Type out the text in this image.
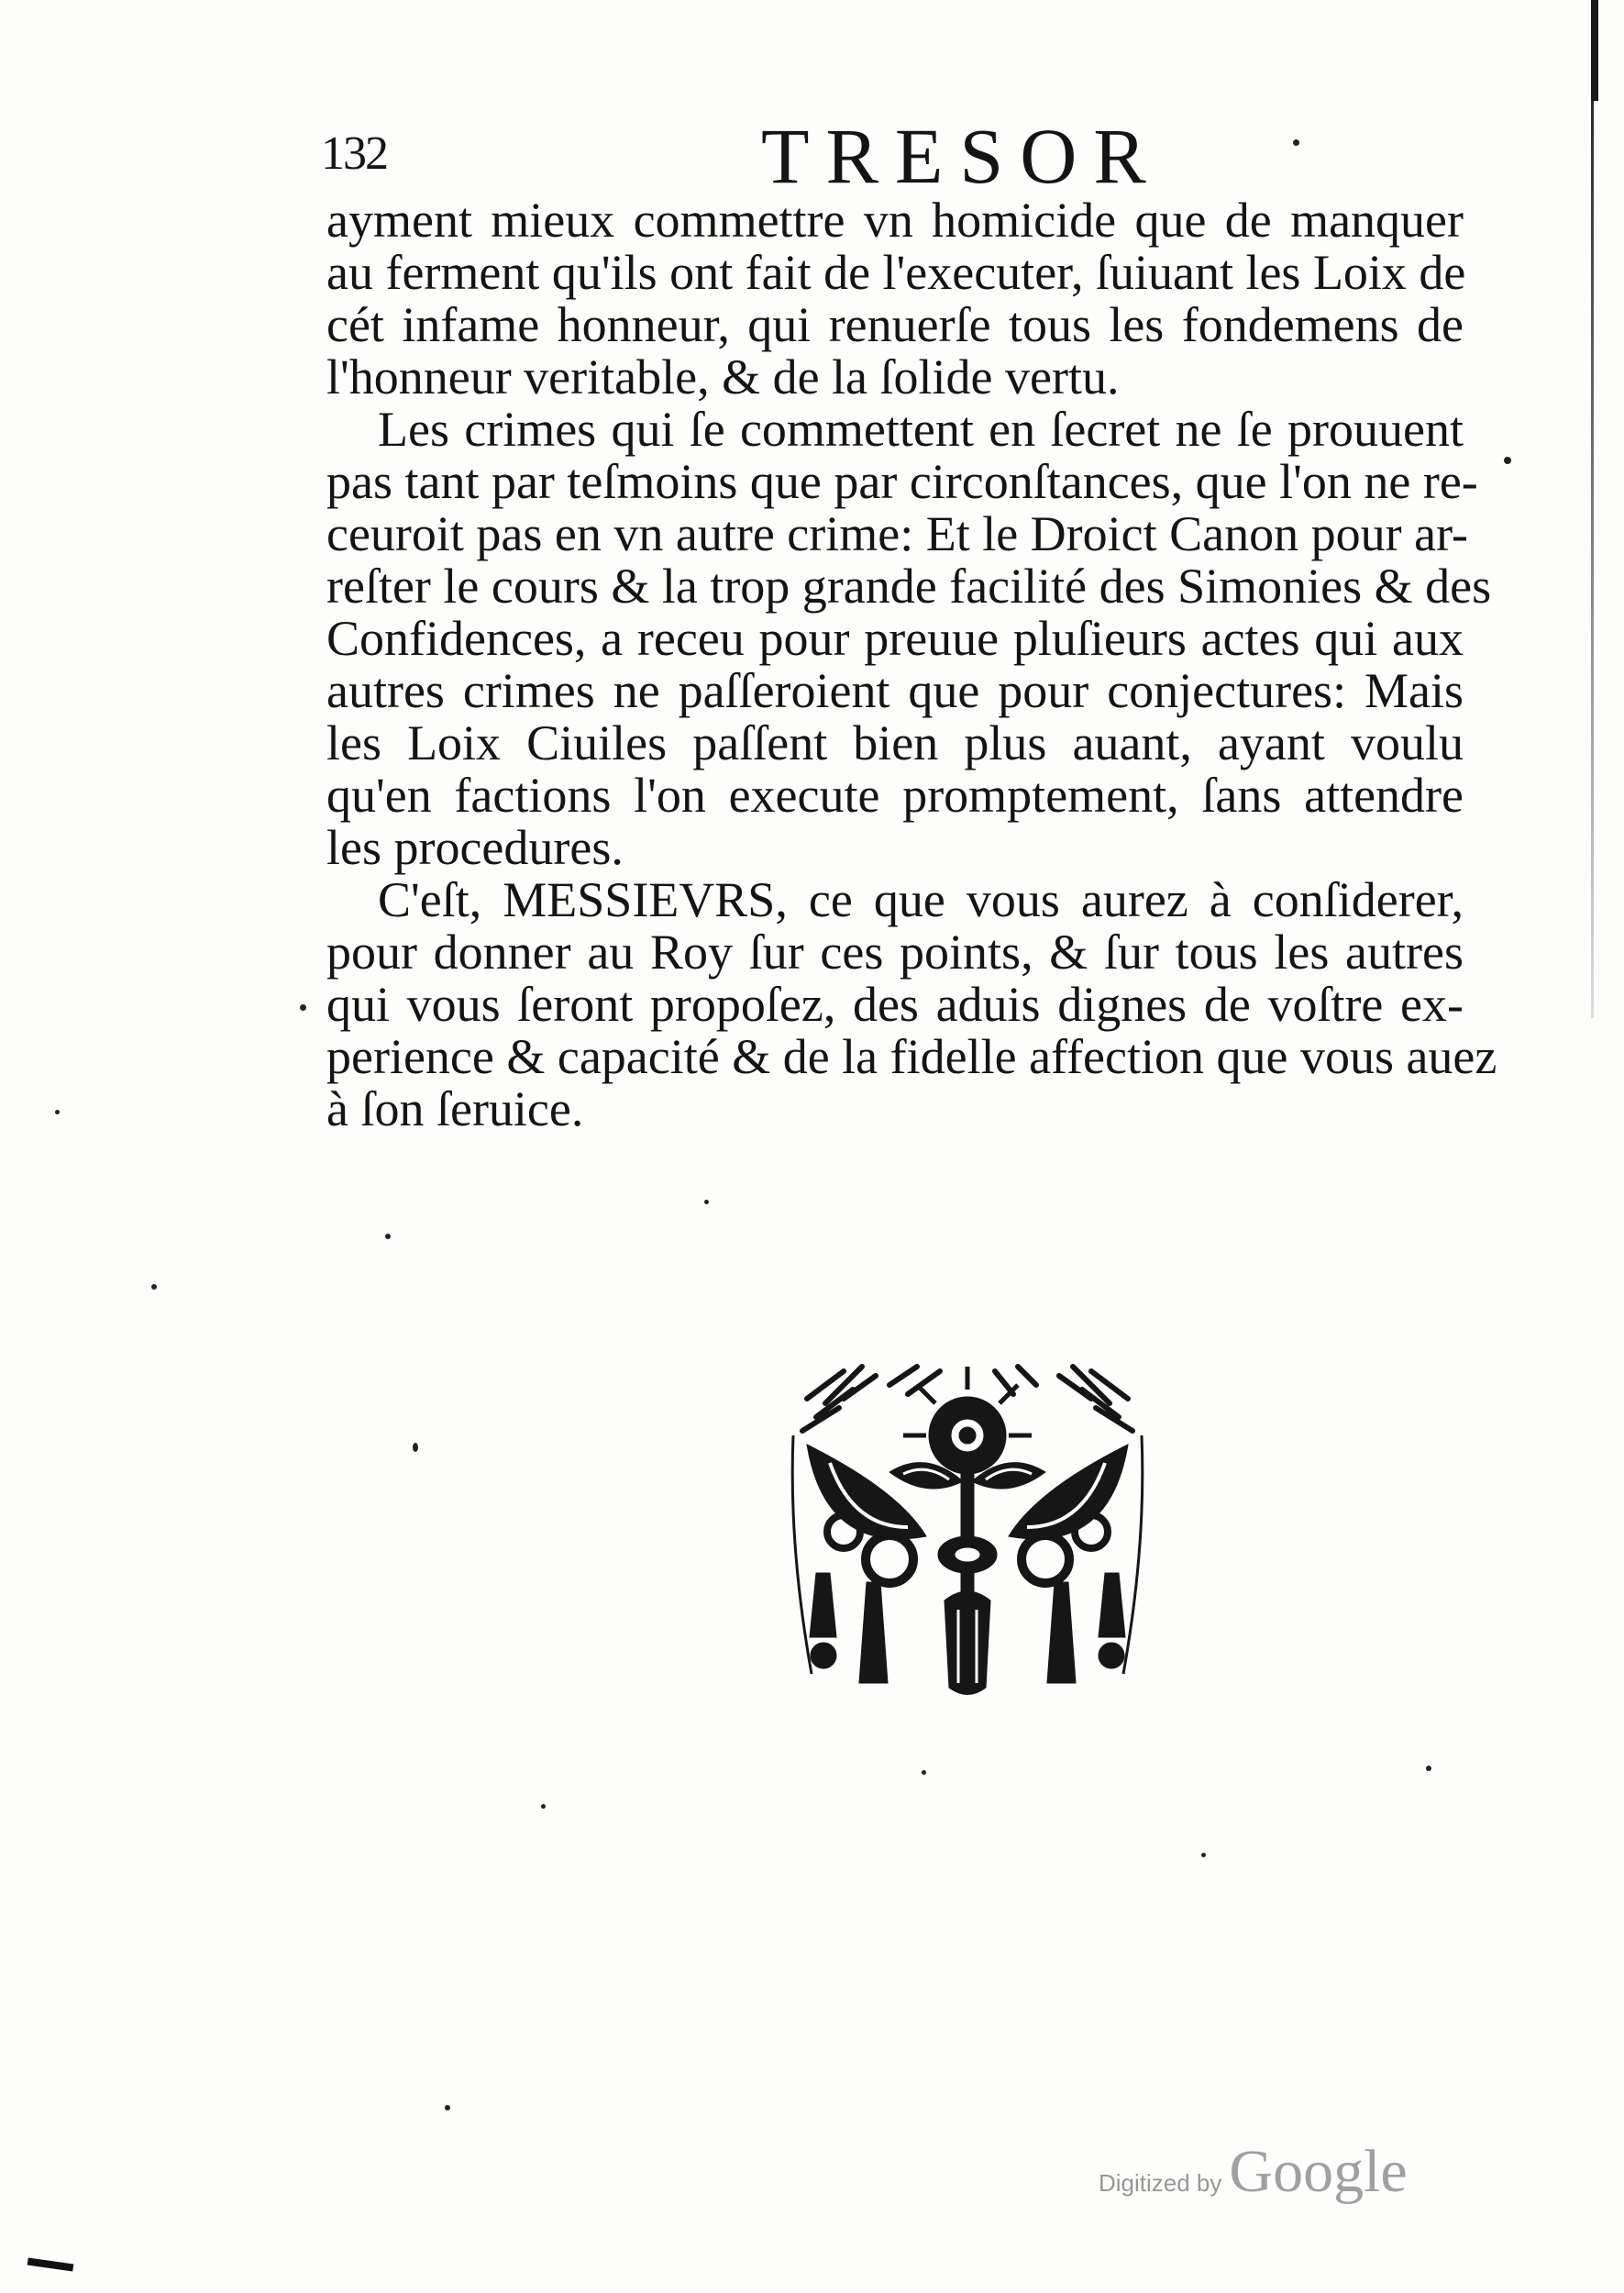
132	TRESOR
ayment mieux commettre vn homicide que de manquer
au ferment qu'ils ont fait de l'executer, ſuiuant les Loix de
cét infame honneur, qui renuerſe tous les fondemens de
l'honneur veritable, & de la ſolide vertu.
Les crimes qui ſe commettent en ſecret ne ſe prouuent
pas tant par teſmoins que par circonſtances, que l'on ne re-
ceuroit pas en vn autre crime: Et le Droict Canon pour ar-
reſter le cours & la trop grande facilité des Simonies & des
Confidences, a receu pour preuue pluſieurs actes qui aux
autres crimes ne paſſeroient que pour conjectures: Mais
les Loix Ciuiles paſſent bien plus auant, ayant voulu
qu'en factions l'on execute promptement, ſans attendre
les procedures.
C'eſt, MESSIEVRS, ce que vous aurez à conſiderer,
pour donner au Roy ſur ces points, & ſur tous les autres
qui vous ſeront propoſez, des aduis dignes de voſtre ex-
perience & capacité & de la fidelle affection que vous auez
à ſon ſeruice.
Digitized by Google
